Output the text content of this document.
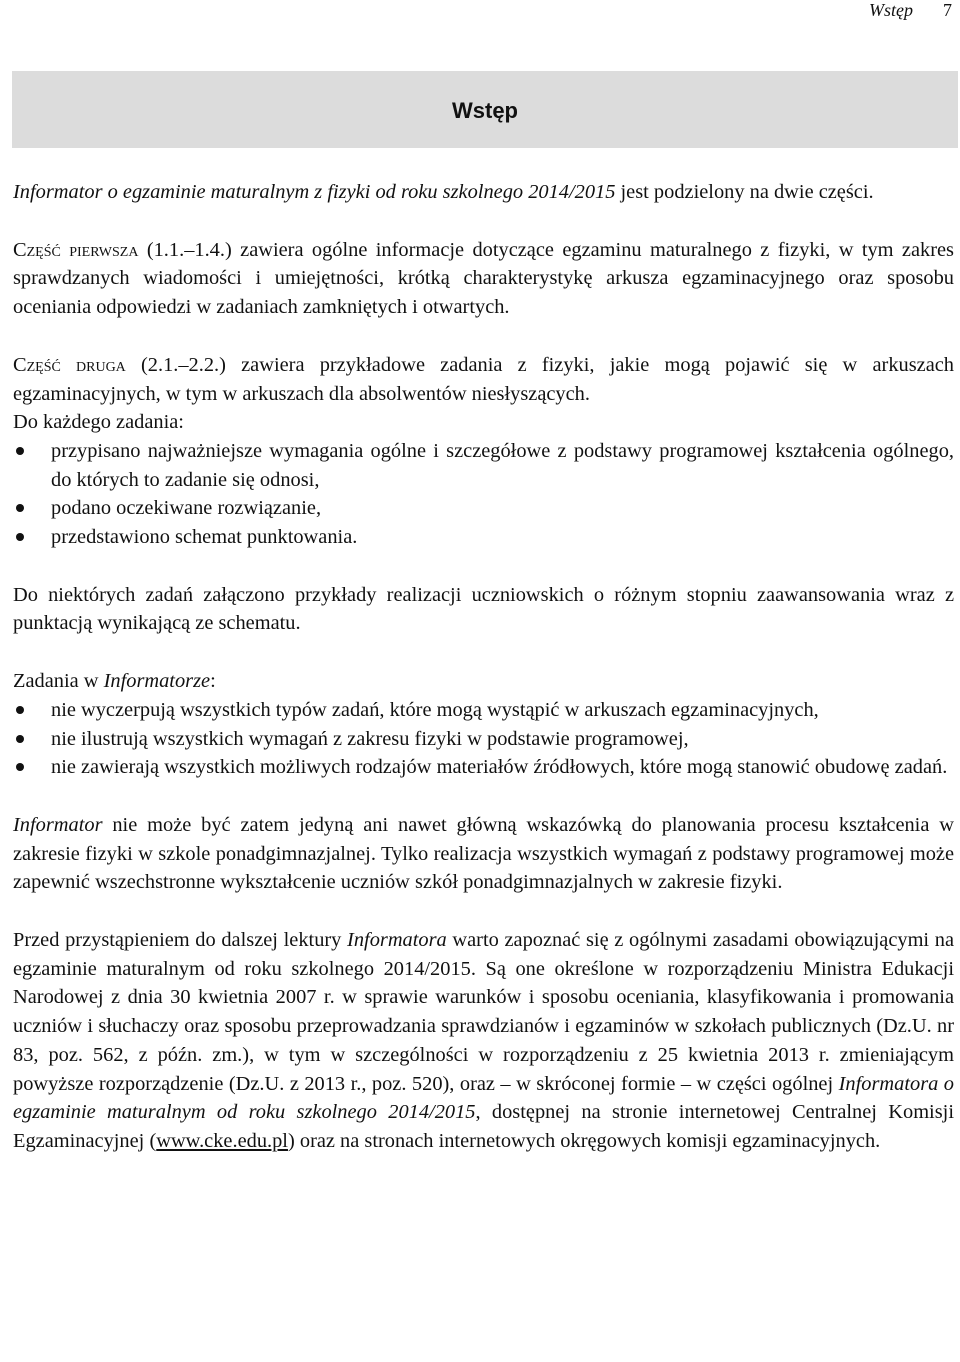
Wstęp 7
Wstęp

Informator o egzaminie maturalnym z fizyki od roku szkolnego 2014/2015 jest podzielony na dwie części.

Część pierwsza (1.1.–1.4.) zawiera ogólne informacje dotyczące egzaminu maturalnego z fizyki, w tym zakres sprawdzanych wiadomości i umiejętności, krótką charakterystykę arkusza egzaminacyjnego oraz sposobu oceniania odpowiedzi w zadaniach zamkniętych i otwartych.

Część druga (2.1.–2.2.) zawiera przykładowe zadania z fizyki, jakie mogą pojawić się w arkuszach egzaminacyjnych, w tym w arkuszach dla absolwentów niesłyszących.

Do każdego zadania:

przypisano najważniejsze wymagania ogólne i szczegółowe z podstawy programowej kształcenia ogólnego, do których to zadanie się odnosi,
podano oczekiwane rozwiązanie,
przedstawiono schemat punktowania.

Do niektórych zadań załączono przykłady realizacji uczniowskich o różnym stopniu zaawansowania wraz z punktacją wynikającą ze schematu.

Zadania w Informatorze:

nie wyczerpują wszystkich typów zadań, które mogą wystąpić w arkuszach egzaminacyjnych,
nie ilustrują wszystkich wymagań z zakresu fizyki w podstawie programowej,
nie zawierają wszystkich możliwych rodzajów materiałów źródłowych, które mogą stanowić obudowę zadań.

Informator nie może być zatem jedyną ani nawet główną wskazówką do planowania procesu kształcenia w zakresie fizyki w szkole ponadgimnazjalnej. Tylko realizacja wszystkich wymagań z podstawy programowej może zapewnić wszechstronne wykształcenie uczniów szkół ponadgimnazjalnych w zakresie fizyki.

Przed przystąpieniem do dalszej lektury Informatora warto zapoznać się z ogólnymi zasadami obowiązującymi na egzaminie maturalnym od roku szkolnego 2014/2015. Są one określone w rozporządzeniu Ministra Edukacji Narodowej z dnia 30 kwietnia 2007 r. w sprawie warunków i sposobu oceniania, klasyfikowania i promowania uczniów i słuchaczy oraz sposobu przeprowadzania sprawdzianów i egzaminów w szkołach publicznych (Dz.U. nr 83, poz. 562, z późn. zm.), w tym w szczególności w rozporządzeniu z 25 kwietnia 2013 r. zmieniającym powyższe rozporządzenie (Dz.U. z 2013 r., poz. 520), oraz – w skróconej formie – w części ogólnej Informatora o egzaminie maturalnym od roku szkolnego 2014/2015, dostępnej na stronie internetowej Centralnej Komisji Egzaminacyjnej (www.cke.edu.pl) oraz na stronach internetowych okręgowych komisji egzaminacyjnych.
